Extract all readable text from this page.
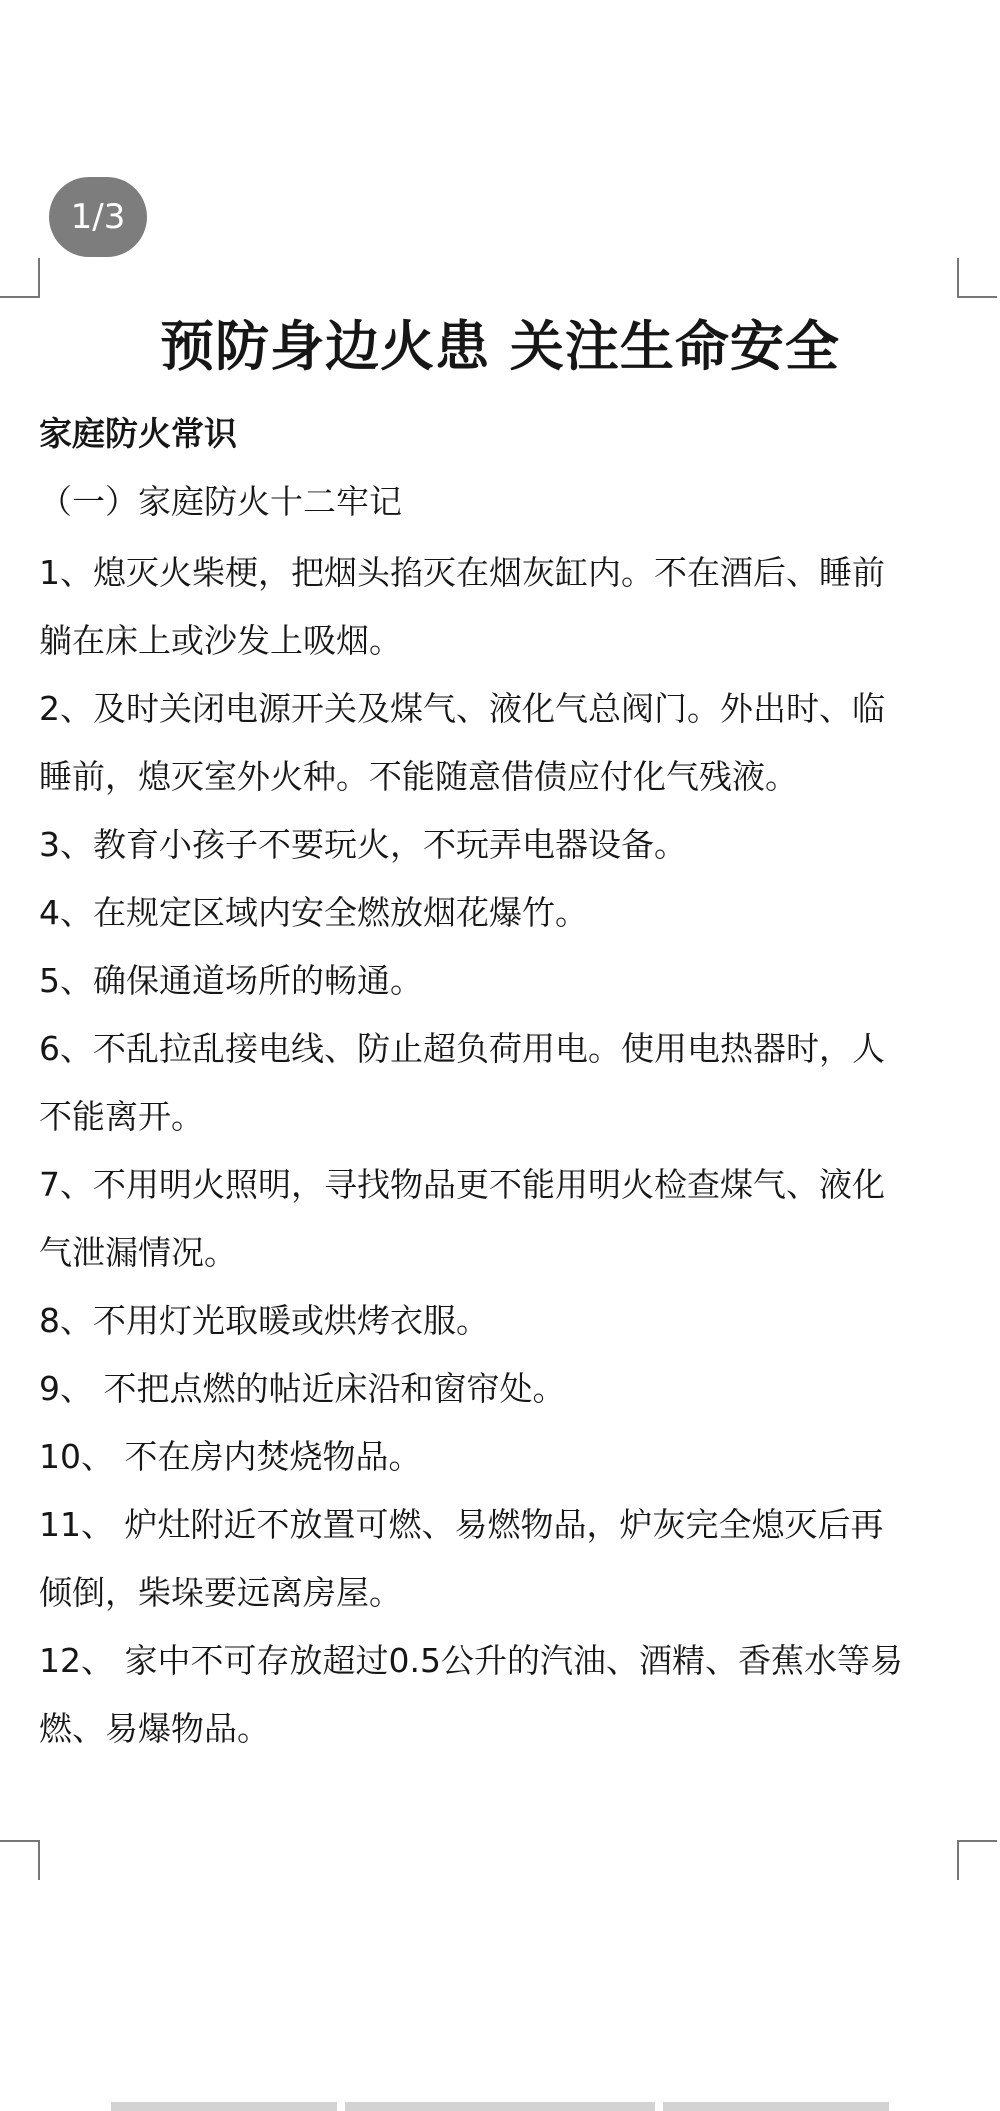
1/3
预防身边火患 关注生命安全
家庭防火常识
（一）家庭防火十二牢记
1、熄灭火柴梗，把烟头掐灭在烟灰缸内。不在酒后、睡前
躺在床上或沙发上吸烟。
2、及时关闭电源开关及煤气、液化气总阀门。外出时、临
睡前，熄灭室外火种。不能随意借债应付化气残液。
3、教育小孩子不要玩火，不玩弄电器设备。
4、在规定区域内安全燃放烟花爆竹。
5、确保通道场所的畅通。
6、不乱拉乱接电线、防止超负荷用电。使用电热器时，人
不能离开。
7、不用明火照明，寻找物品更不能用明火检查煤气、液化
气泄漏情况。
8、不用灯光取暖或烘烤衣服。
9、 不把点燃的帖近床沿和窗帘处。
10、 不在房内焚烧物品。
11、 炉灶附近不放置可燃、易燃物品，炉灰完全熄灭后再
倾倒，柴垛要远离房屋。
12、 家中不可存放超过0.5公升的汽油、酒精、香蕉水等易
燃、易爆物品。
